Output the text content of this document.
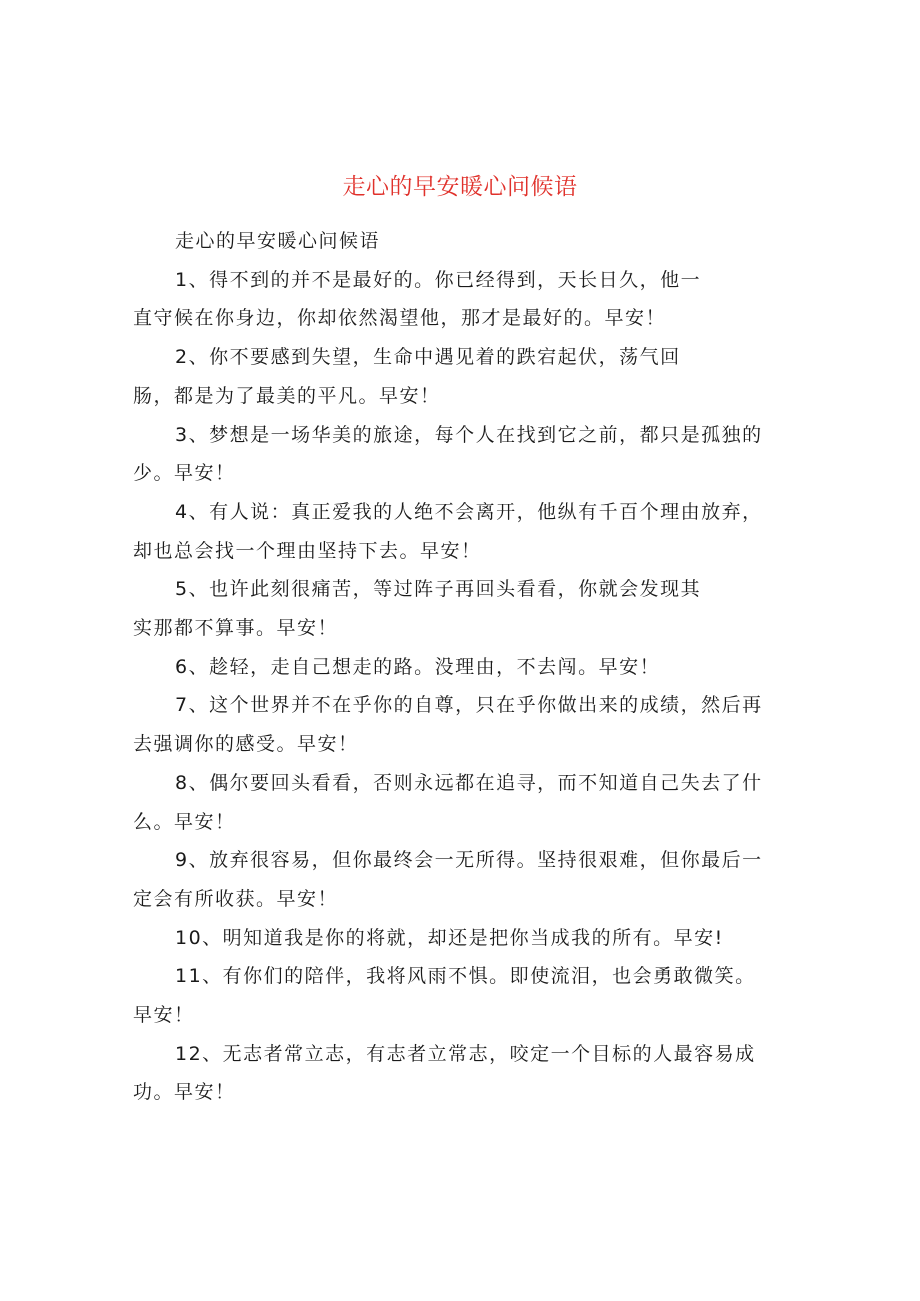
走心的早安暖心问候语
走心的早安暖心问候语
1、得不到的并不是最好的。你已经得到，天长日久，他一
直守候在你身边，你却依然渴望他，那才是最好的。早安！
2、你不要感到失望，生命中遇见着的跌宕起伏，荡气回
肠，都是为了最美的平凡。早安！
3、梦想是一场华美的旅途，每个人在找到它之前，都只是孤独的
少。早安！
4、有人说：真正爱我的人绝不会离开，他纵有千百个理由放弃，
却也总会找一个理由坚持下去。早安！
5、也许此刻很痛苦，等过阵子再回头看看，你就会发现其
实那都不算事。早安！
6、趁轻，走自己想走的路。没理由，不去闯。早安！
7、这个世界并不在乎你的自尊，只在乎你做出来的成绩，然后再
去强调你的感受。早安！
8、偶尔要回头看看，否则永远都在追寻，而不知道自己失去了什
么。早安！
9、放弃很容易，但你最终会一无所得。坚持很艰难，但你最后一
定会有所收获。早安！
10、明知道我是你的将就，却还是把你当成我的所有。早安!
11、有你们的陪伴，我将风雨不惧。即使流泪，也会勇敢微笑。
早安！
12、无志者常立志，有志者立常志，咬定一个目标的人最容易成
功。早安！
